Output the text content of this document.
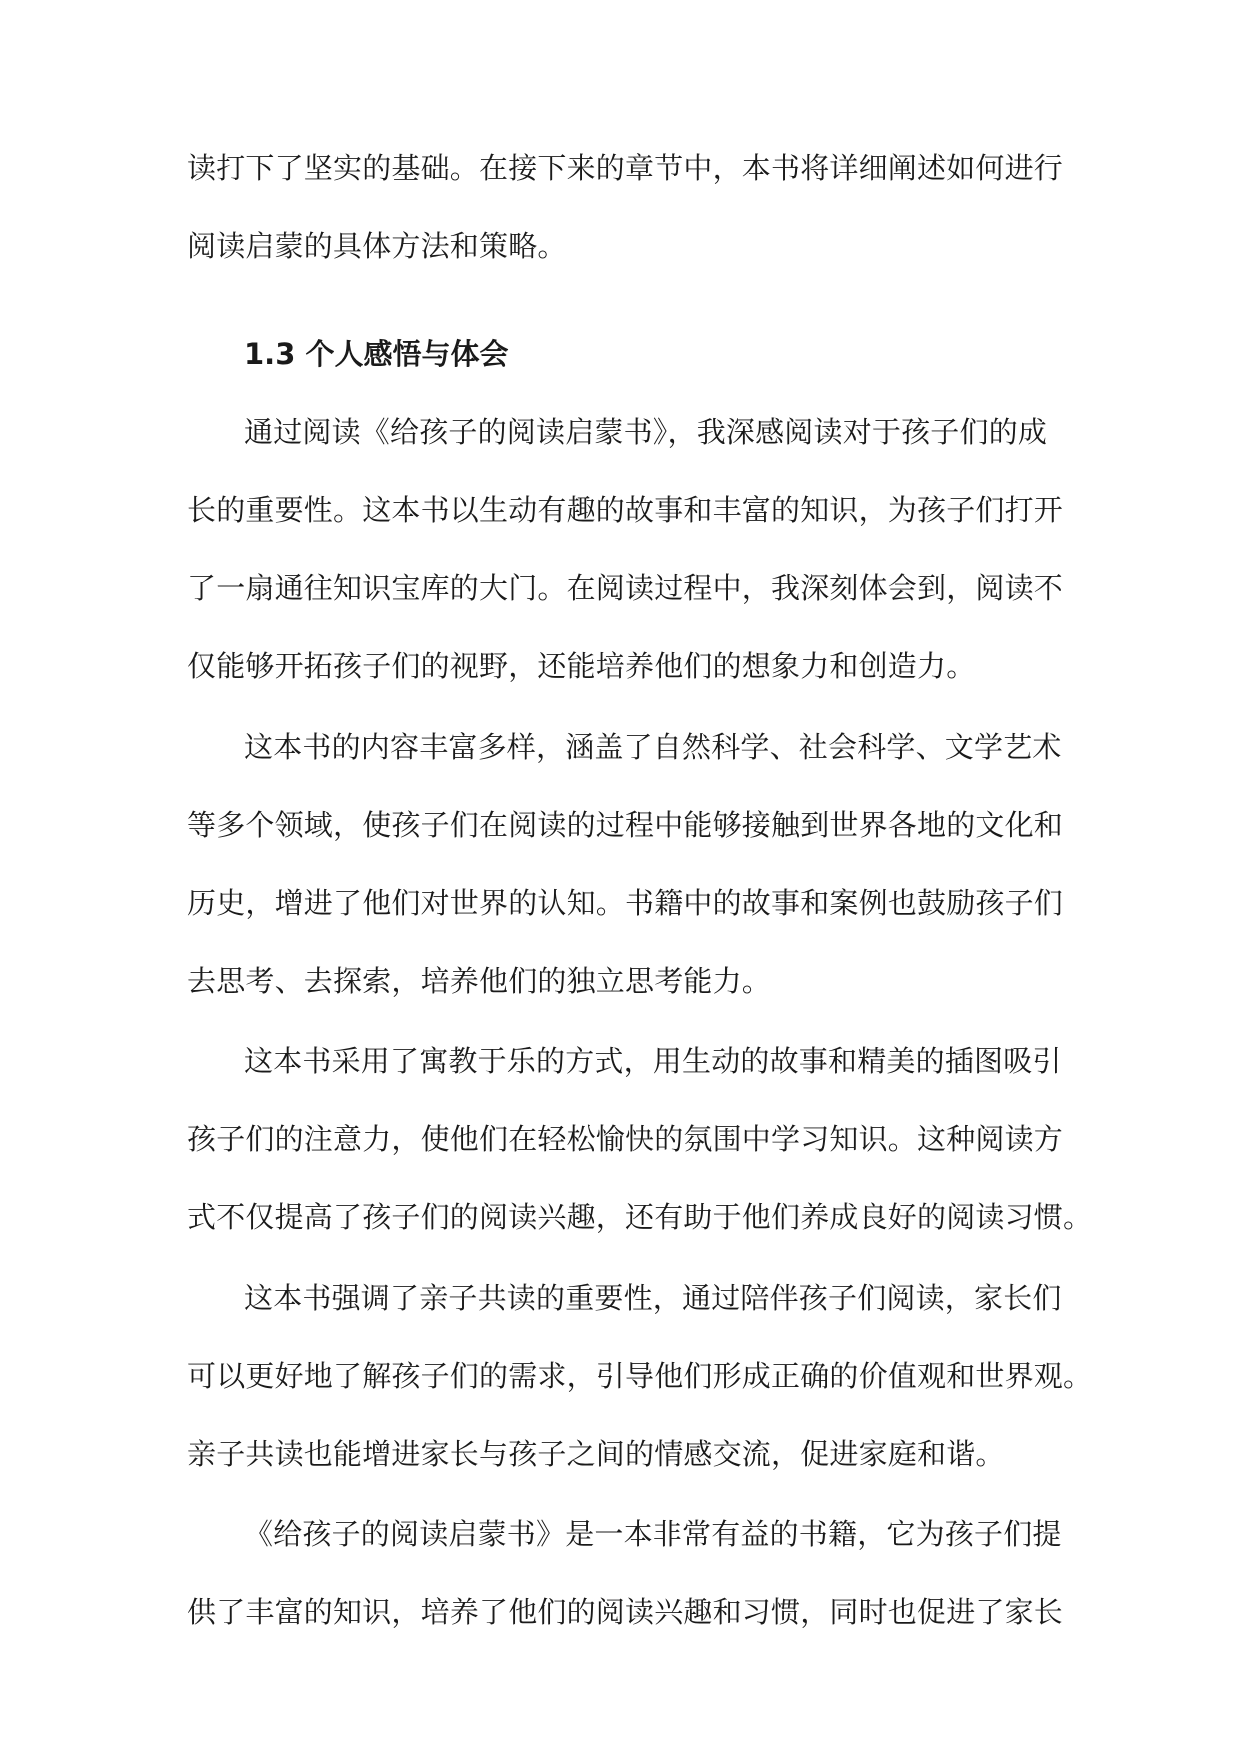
读打下了坚实的基础。在接下来的章节中，本书将详细阐述如何进行
阅读启蒙的具体方法和策略。
1.3 个人感悟与体会
通过阅读《给孩子的阅读启蒙书》，我深感阅读对于孩子们的成
长的重要性。这本书以生动有趣的故事和丰富的知识，为孩子们打开
了一扇通往知识宝库的大门。在阅读过程中，我深刻体会到，阅读不
仅能够开拓孩子们的视野，还能培养他们的想象力和创造力。
这本书的内容丰富多样，涵盖了自然科学、社会科学、文学艺术
等多个领域，使孩子们在阅读的过程中能够接触到世界各地的文化和
历史，增进了他们对世界的认知。书籍中的故事和案例也鼓励孩子们
去思考、去探索，培养他们的独立思考能力。
这本书采用了寓教于乐的方式，用生动的故事和精美的插图吸引
孩子们的注意力，使他们在轻松愉快的氛围中学习知识。这种阅读方
式不仅提高了孩子们的阅读兴趣，还有助于他们养成良好的阅读习惯。
这本书强调了亲子共读的重要性，通过陪伴孩子们阅读，家长们
可以更好地了解孩子们的需求，引导他们形成正确的价值观和世界观。
亲子共读也能增进家长与孩子之间的情感交流，促进家庭和谐。
《给孩子的阅读启蒙书》是一本非常有益的书籍，它为孩子们提
供了丰富的知识，培养了他们的阅读兴趣和习惯，同时也促进了家长
